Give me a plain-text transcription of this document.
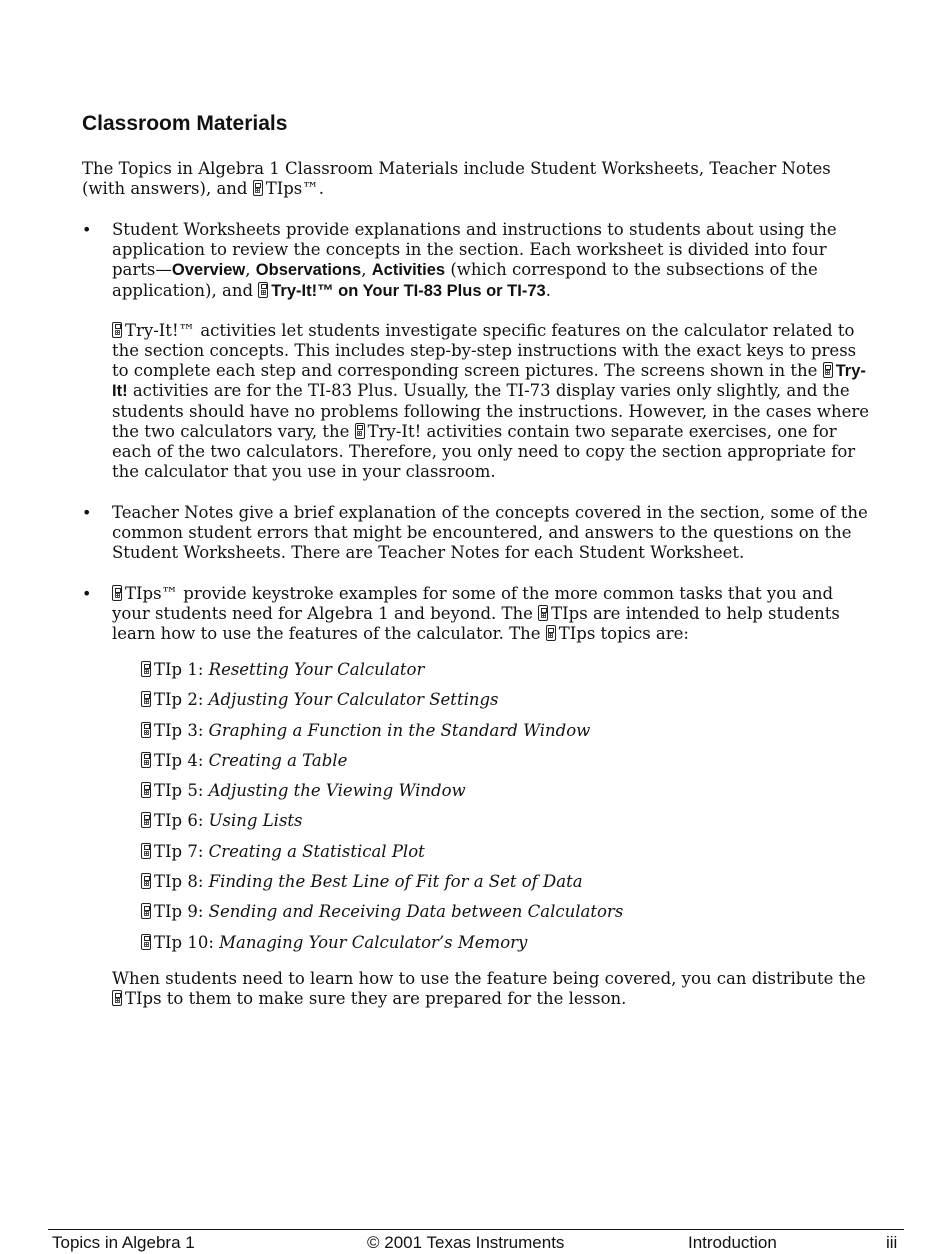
Classroom Materials
The Topics in Algebra 1 Classroom Materials include Student Worksheets, Teacher Notes (with answers), and TIps™.
•	Student Worksheets provide explanations and instructions to students about using the application to review the concepts in the section. Each worksheet is divided into four parts—Overview, Observations, Activities (which correspond to the subsections of the application), and Try-It!™ on Your TI-83 Plus or TI-73.
Try-It!™ activities let students investigate specific features on the calculator related to the section concepts. This includes step-by-step instructions with the exact keys to press to complete each step and corresponding screen pictures. The screens shown in the Try-It! activities are for the TI-83 Plus. Usually, the TI-73 display varies only slightly, and the students should have no problems following the instructions. However, in the cases where the two calculators vary, the Try-It! activities contain two separate exercises, one for each of the two calculators. Therefore, you only need to copy the section appropriate for the calculator that you use in your classroom.
•	Teacher Notes give a brief explanation of the concepts covered in the section, some of the common student errors that might be encountered, and answers to the questions on the Student Worksheets. There are Teacher Notes for each Student Worksheet.
•	TIps™ provide keystroke examples for some of the more common tasks that you and your students need for Algebra 1 and beyond. The TIps are intended to help students learn how to use the features of the calculator. The TIps topics are:
TIp 1: Resetting Your Calculator
TIp 2: Adjusting Your Calculator Settings
TIp 3: Graphing a Function in the Standard Window
TIp 4: Creating a Table
TIp 5: Adjusting the Viewing Window
TIp 6: Using Lists
TIp 7: Creating a Statistical Plot
TIp 8: Finding the Best Line of Fit for a Set of Data
TIp 9: Sending and Receiving Data between Calculators
TIp 10: Managing Your Calculator’s Memory
When students need to learn how to use the feature being covered, you can distribute the TIps to them to make sure they are prepared for the lesson.
Topics in Algebra 1	© 2001 Texas Instruments	Introduction	iii
